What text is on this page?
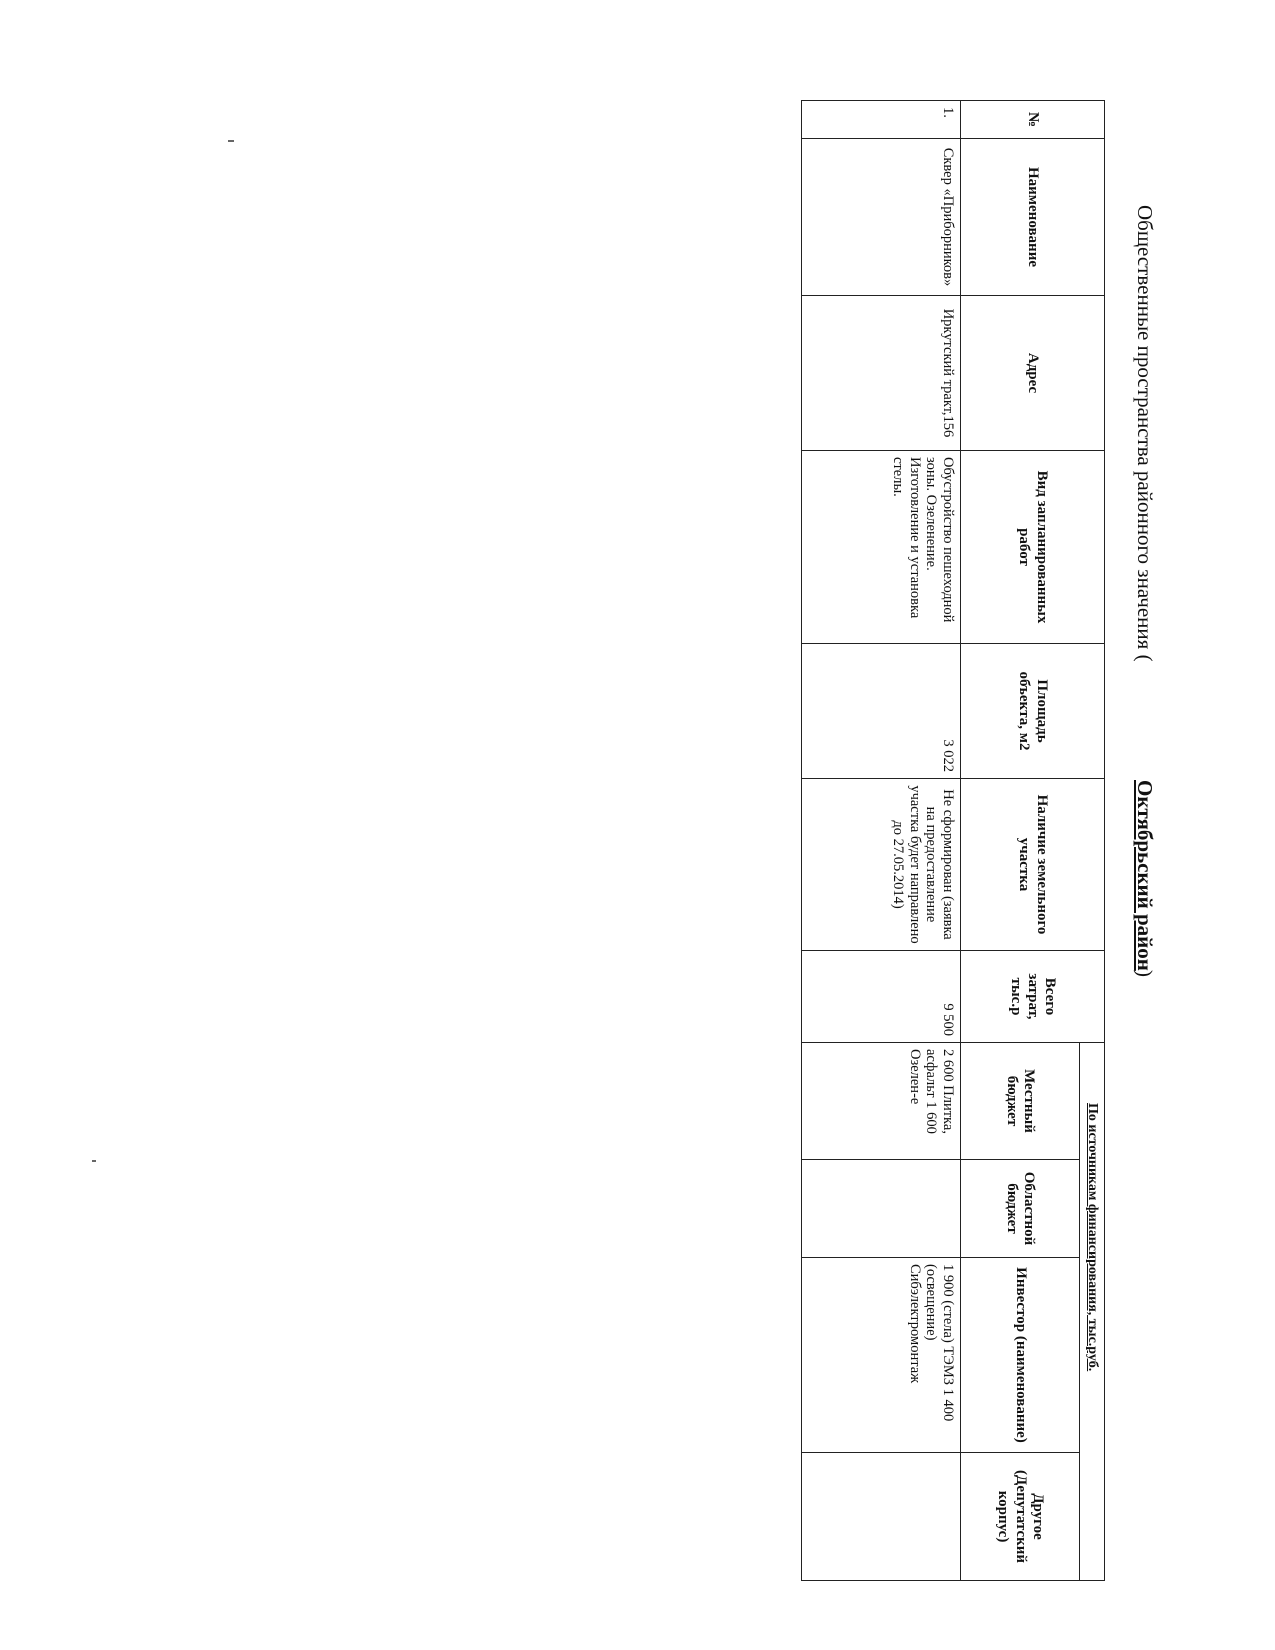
Общественные пространства районного значения (
Октябрьский район
)
№	Наименование	Адрес	Вид запланированных работ	Площадь объекта, м2	Наличие земельного участка	Всего затрат, тыс.р	По источникам финансирования, тыс.руб.			
							Местный бюджет	Областной бюджет	Инвестор (наименование)	Другое (Депутатский корпус)
1.	Сквер «Приборников»	Иркутский тракт,156	Обустройство пешеходной зоны. Озеленение. Изготовление и установка стелы.	3 022	Не сформирован (заявка на предоставление участка будет направлено до 27.05.2014)	9 500	2 600 Плитка, асфальт 1 600 Озелен-е		1 900 (стела) ТЭМЗ 1 400 (освещение) Сибэлектромонтаж	
